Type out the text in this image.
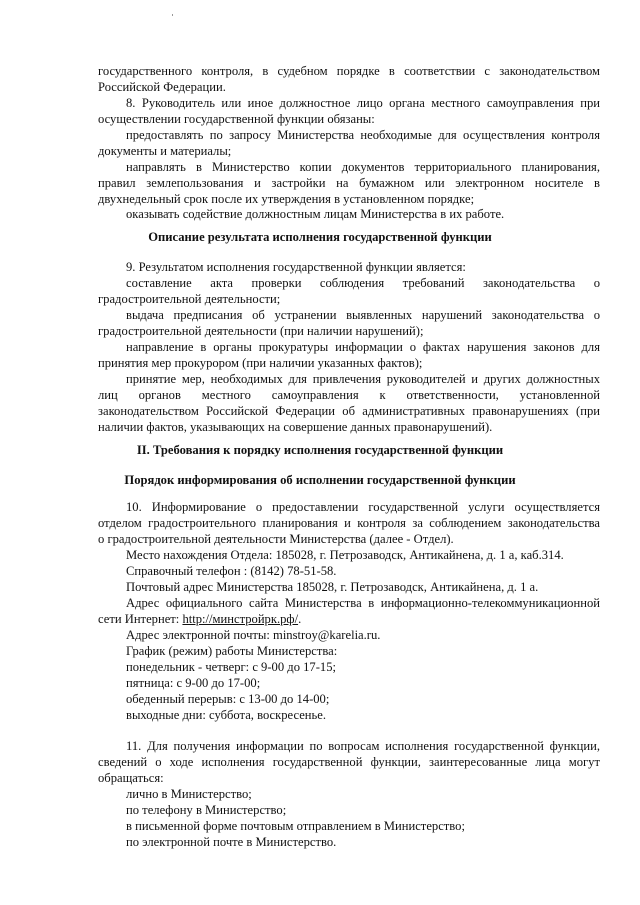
государственного контроля, в судебном порядке в соответствии с законодательством
Российской Федерации.
8. Руководитель или иное должностное лицо органа местного самоуправления при
осуществлении государственной функции обязаны:
предоставлять по запросу Министерства необходимые для осуществления контроля
документы и материалы;
направлять в Министерство копии документов территориального планирования,
правил землепользования и застройки на бумажном или электронном носителе в
двухнедельный срок после их утверждения в установленном порядке;
оказывать содействие должностным лицам Министерства в их работе.
9. Результатом исполнения государственной функции является:
составление акта проверки соблюдения требований законодательства о
градостроительной деятельности;
выдача предписания об устранении выявленных нарушений законодательства о
градостроительной деятельности (при наличии нарушений);
направление в органы прокуратуры информации о фактах нарушения законов для
принятия мер прокурором (при наличии указанных фактов);
принятие мер, необходимых для привлечения руководителей и других должностных
лиц органов местного самоуправления к ответственности, установленной
законодательством Российской Федерации об административных правонарушениях (при
наличии фактов, указывающих на совершение данных правонарушений).
10. Информирование о предоставлении государственной услуги осуществляется
отделом градостроительного планирования и контроля за соблюдением законодательства
о градостроительной деятельности Министерства (далее - Отдел).
Место нахождения Отдела: 185028, г. Петрозаводск, Антикайнена, д. 1 а, каб.314.
Справочный телефон : (8142) 78-51-58.
Почтовый адрес Министерства 185028, г. Петрозаводск, Антикайнена, д. 1 а.
Адрес официального сайта Министерства в информационно-телекоммуникационной
Адрес электронной почты: minstroy@karelia.ru.
График (режим) работы Министерства:
понедельник - четверг: с 9-00 до 17-15;
пятница: с 9-00 до 17-00;
обеденный перерыв: с 13-00 до 14-00;
выходные дни: суббота, воскресенье.
11. Для получения информации по вопросам исполнения государственной функции,
сведений о ходе исполнения государственной функции, заинтересованные лица могут
обращаться:
лично в Министерство;
по телефону в Министерство;
в письменной форме почтовым отправлением в Министерство;
по электронной почте в Министерство.
Описание результата исполнения государственной функции
II. Требования к порядку исполнения государственной функции
Порядок информирования об исполнении государственной функции
сети Интернет: http://минстройрк.рф/.
